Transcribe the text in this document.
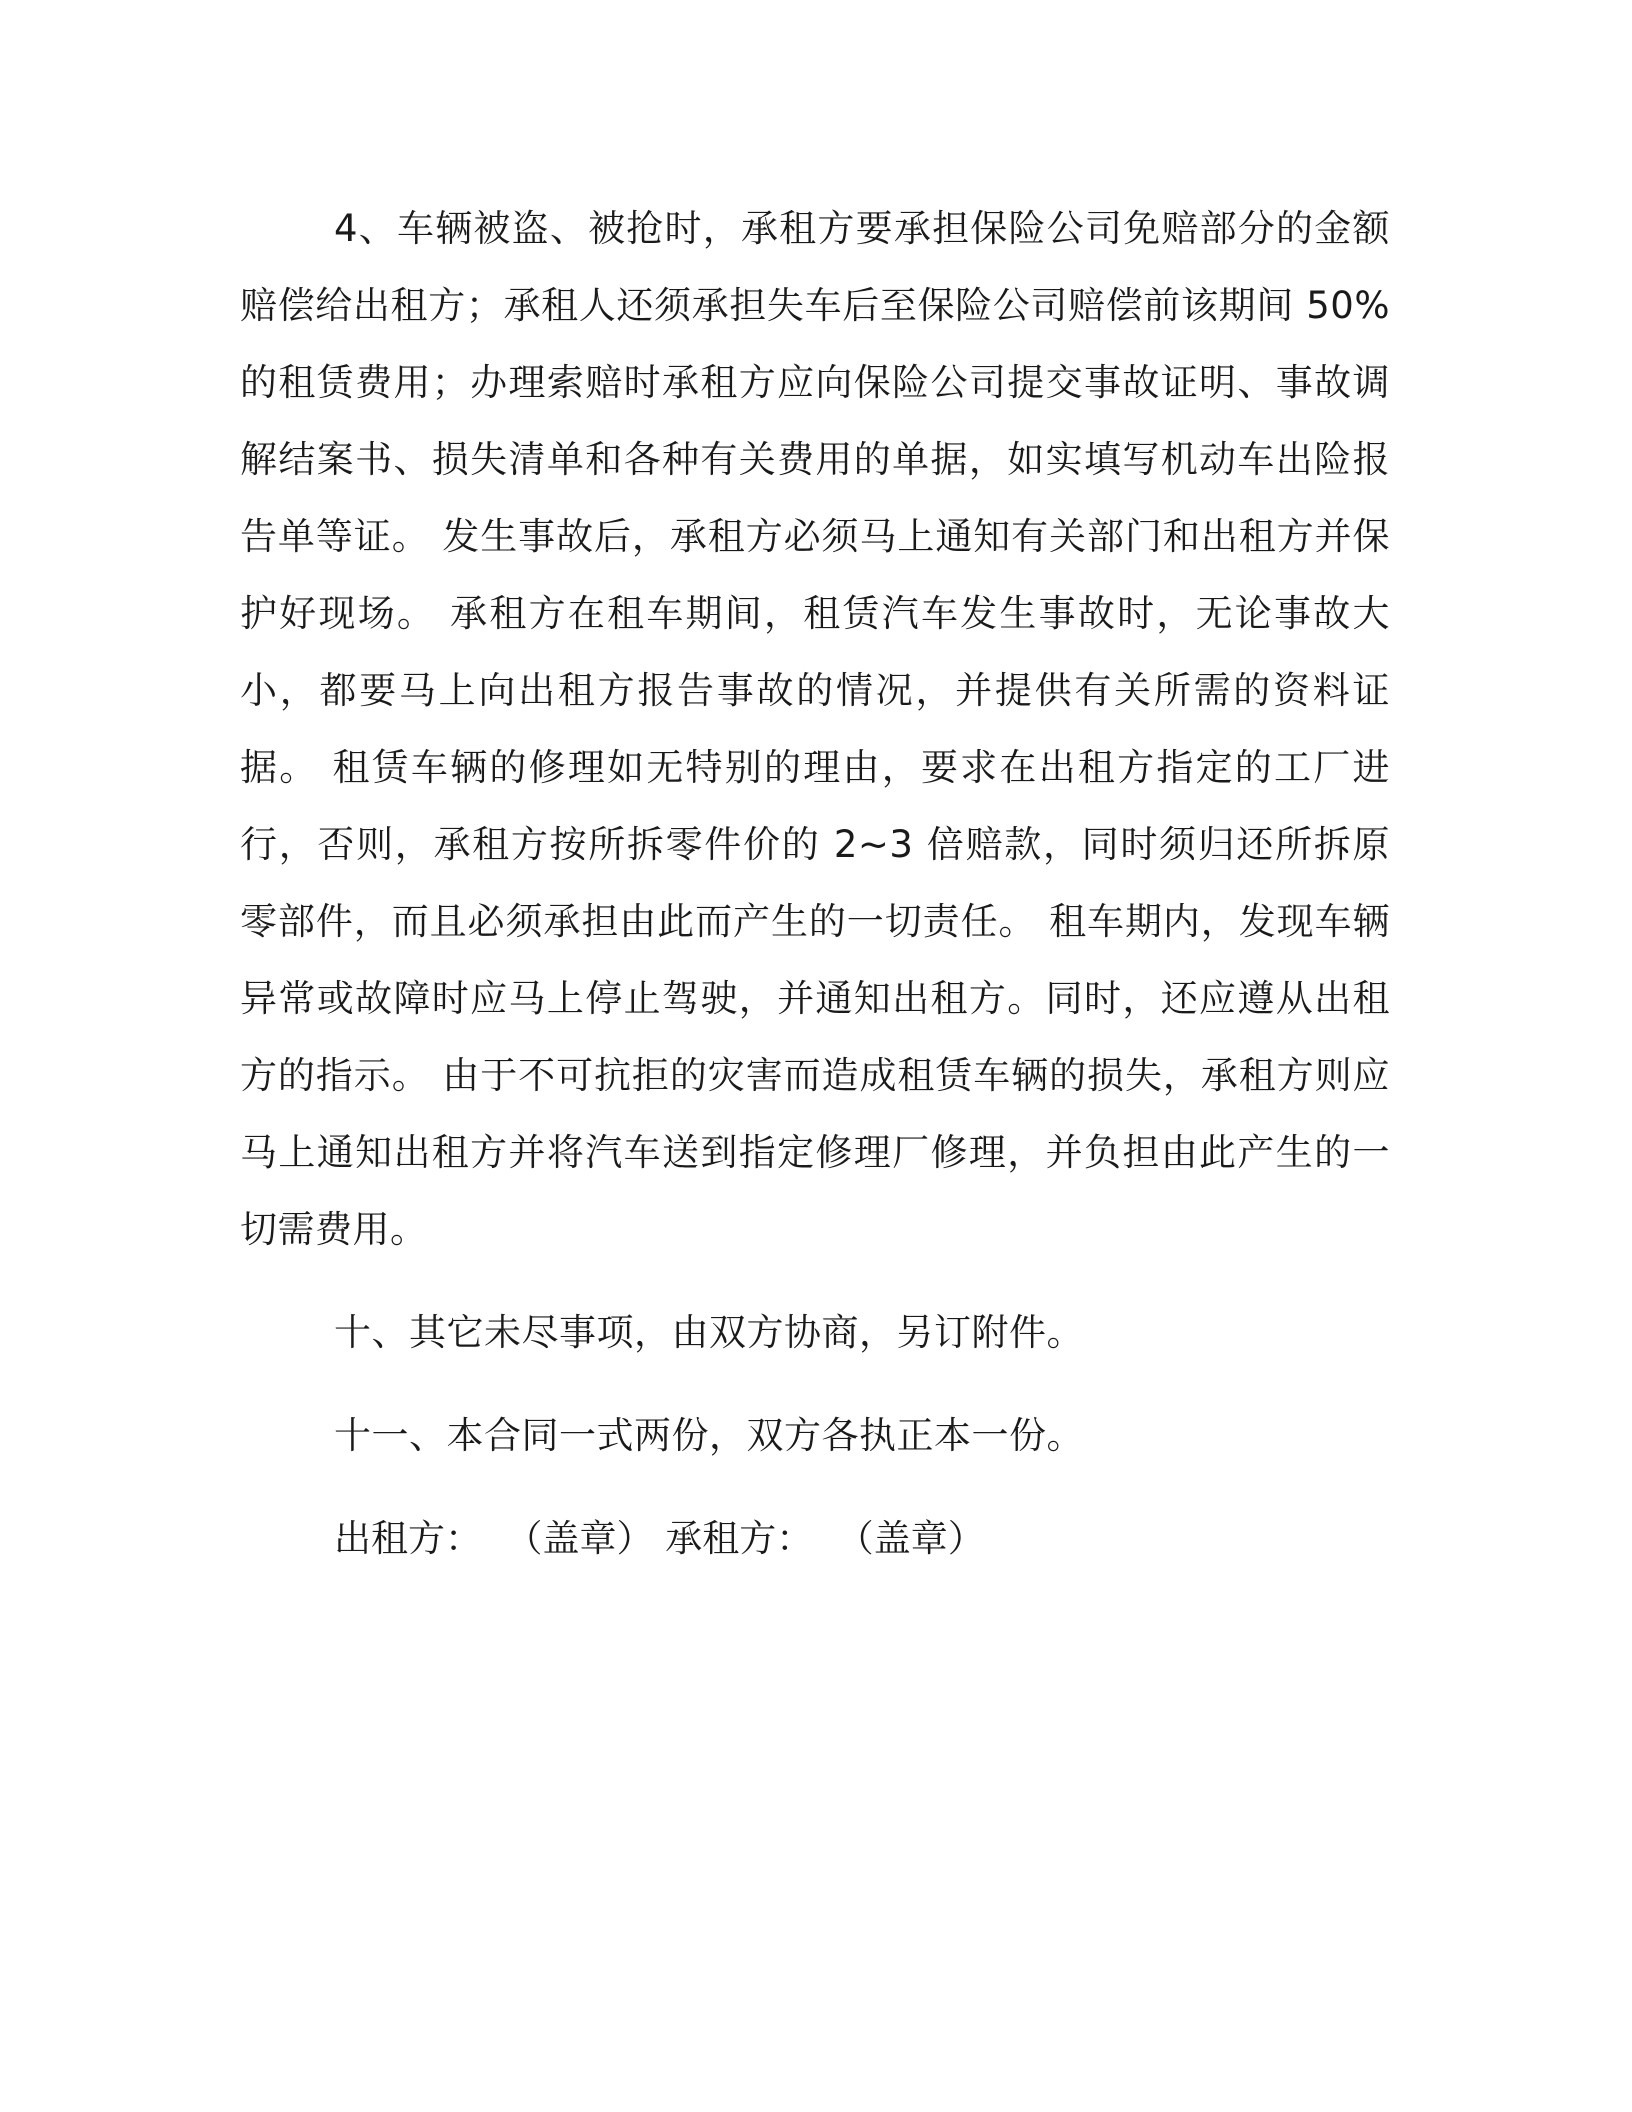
4、车辆被盗、被抢时，承租方要承担保险公司免赔部分的金额赔偿给出租方；承租人还须承担失车后至保险公司赔偿前该期间 50%的租赁费用；办理索赔时承租方应向保险公司提交事故证明、事故调解结案书、损失清单和各种有关费用的单据，如实填写机动车出险报告单等证。 发生事故后，承租方必须马上通知有关部门和出租方并保护好现场。 承租方在租车期间，租赁汽车发生事故时，无论事故大小，都要马上向出租方报告事故的情况，并提供有关所需的资料证据。 租赁车辆的修理如无特别的理由，要求在出租方指定的工厂进行，否则，承租方按所拆零件价的 2~3 倍赔款，同时须归还所拆原零部件，而且必须承担由此而产生的一切责任。 租车期内，发现车辆异常或故障时应马上停止驾驶，并通知出租方。同时，还应遵从出租方的指示。 由于不可抗拒的灾害而造成租赁车辆的损失，承租方则应马上通知出租方并将汽车送到指定修理厂修理，并负担由此产生的一切需费用。

十、其它未尽事项，由双方协商，另订附件。

十一、本合同一式两份，双方各执正本一份。

出租方：  （盖章） 承租方：  （盖章）
